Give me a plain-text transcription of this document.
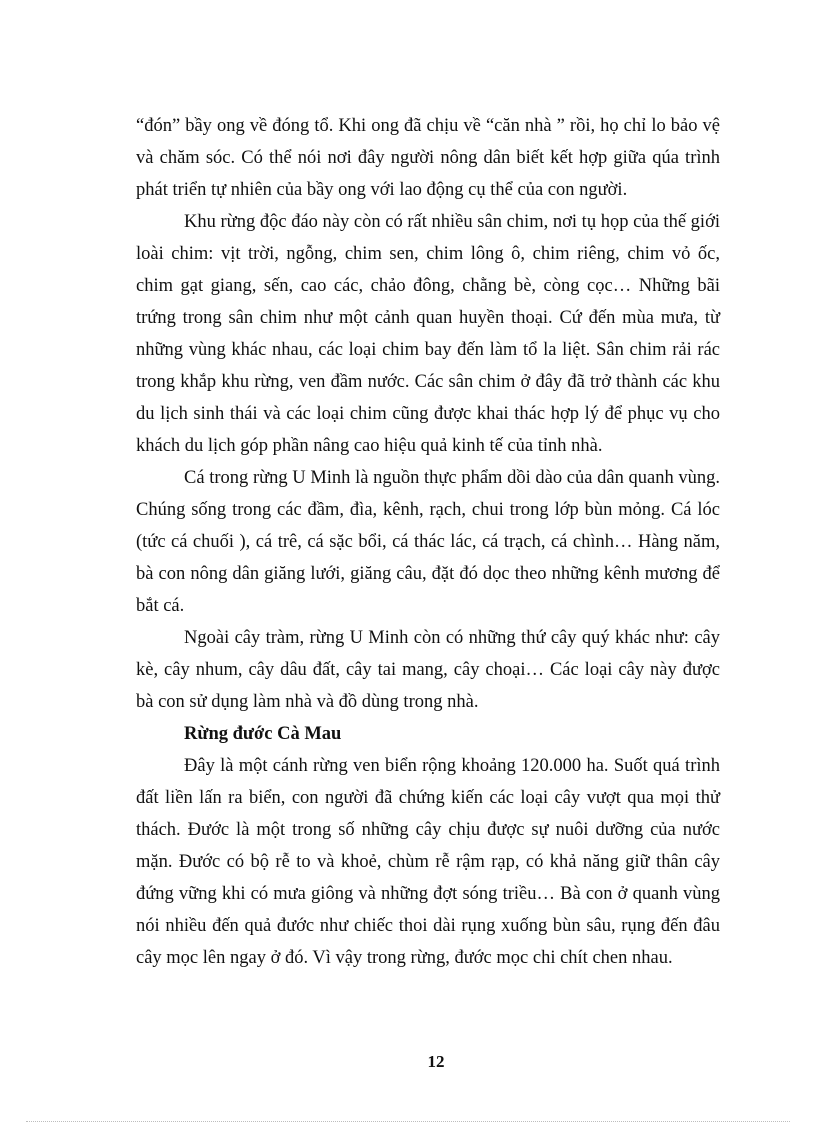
“đón” bầy ong về đóng tổ. Khi ong đã chịu về “căn nhà ” rồi, họ chỉ lo bảo vệ và chăm sóc. Có thể nói nơi đây người nông dân biết kết hợp giữa qúa trình phát triển tự nhiên của bầy ong với lao động cụ thể của con người.

Khu rừng độc đáo này còn có rất nhiều sân chim, nơi tụ họp của thế giới loài chim: vịt trời, ngỗng, chim sen, chim lông ô, chim riêng, chim vỏ ốc, chim gạt giang, sến, cao các, chảo đông, chằng bè, còng cọc… Những bãi trứng trong sân chim như một cảnh quan huyền thoại. Cứ đến mùa mưa, từ những vùng khác nhau, các loại chim bay đến làm tổ la liệt. Sân chim rải rác trong khắp khu rừng, ven đầm nước. Các sân chim ở đây đã trở thành các khu du lịch sinh thái và các loại chim cũng được khai thác hợp lý để phục vụ cho khách du lịch góp phần nâng cao hiệu quả kinh tế của tỉnh nhà.

Cá trong rừng U Minh là nguồn thực phẩm dồi dào của dân quanh vùng. Chúng sống trong các đầm, đìa, kênh, rạch, chui trong lớp bùn mỏng. Cá lóc (tức cá chuối ), cá trê, cá sặc bổi, cá thác lác, cá trạch, cá chình… Hàng năm, bà con nông dân giăng lưới, giăng câu, đặt đó dọc theo những kênh mương để bắt cá.

Ngoài cây tràm, rừng U Minh còn có những thứ cây quý khác như: cây kè, cây nhum, cây dâu đất, cây tai mang, cây choại… Các loại cây này được bà con sử dụng làm nhà và đồ dùng trong nhà.

Rừng đước Cà Mau

Đây là một cánh rừng ven biển rộng khoảng 120.000 ha. Suốt quá trình đất liền lấn ra biển, con người đã chứng kiến các loại cây vượt qua mọi thử thách. Đước là một trong số những cây chịu được sự nuôi dưỡng của nước mặn. Đước có bộ rễ to và khoẻ, chùm rễ rậm rạp, có khả năng giữ thân cây đứng vững khi có mưa giông và những đợt sóng triều… Bà con ở quanh vùng nói nhiều đến quả đước như chiếc thoi dài rụng xuống bùn sâu, rụng đến đâu cây mọc lên ngay ở đó. Vì vậy trong rừng, đước mọc chi chít chen nhau.

12
